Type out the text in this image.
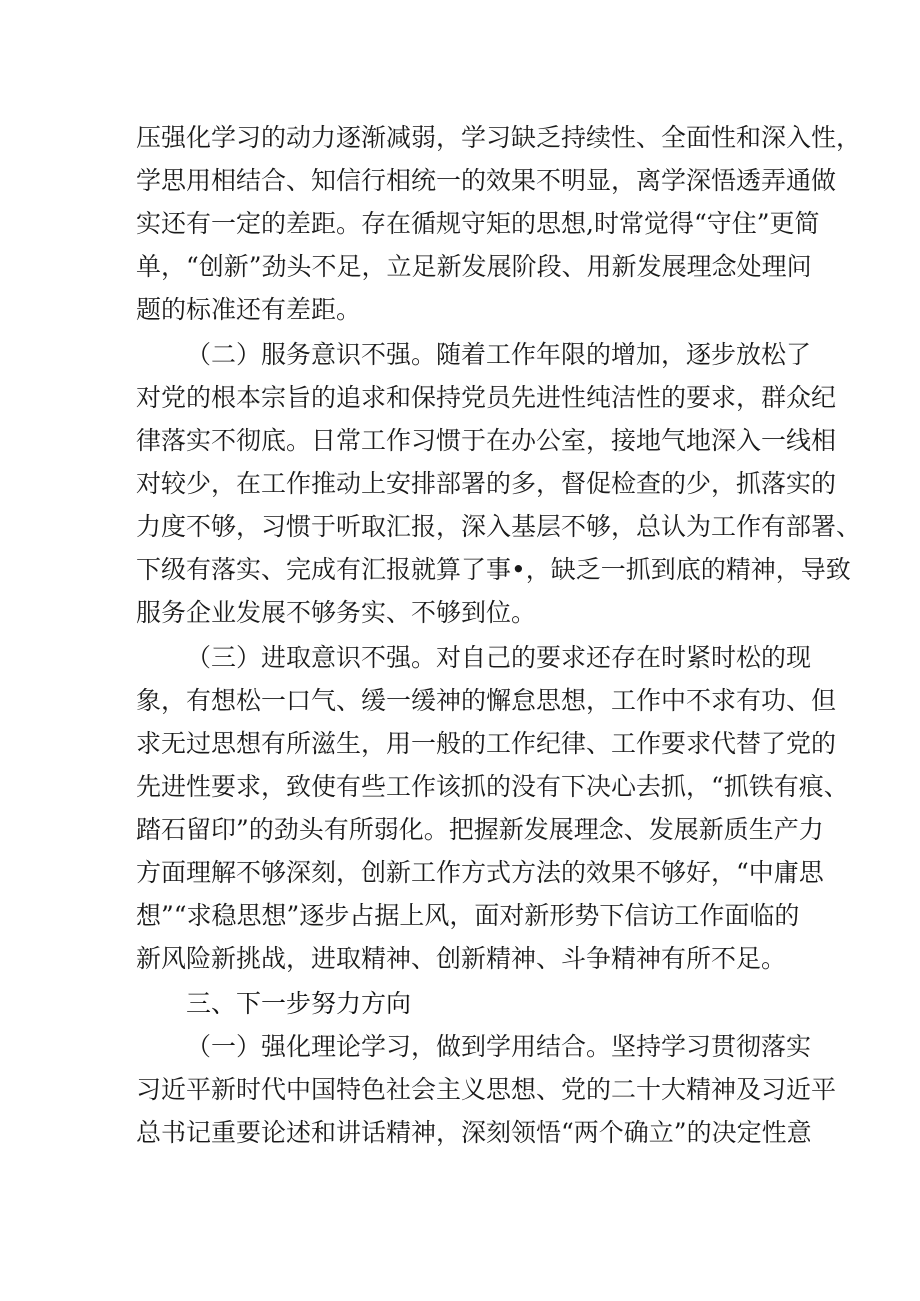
压强化学习的动力逐渐减弱，学习缺乏持续性、全面性和深入性，
学思用相结合、知信行相统一的效果不明显，离学深悟透弄通做
实还有一定的差距。存在循规守矩的思想,时常觉得“守住”更简
单，“创新”劲头不足，立足新发展阶段、用新发展理念处理问
题的标准还有差距。
（二）服务意识不强。随着工作年限的增加，逐步放松了
对党的根本宗旨的追求和保持党员先进性纯洁性的要求，群众纪
律落实不彻底。日常工作习惯于在办公室，接地气地深入一线相
对较少，在工作推动上安排部署的多，督促检查的少，抓落实的
力度不够，习惯于听取汇报，深入基层不够，总认为工作有部署、
下级有落实、完成有汇报就算了事•，缺乏一抓到底的精神，导致
服务企业发展不够务实、不够到位。
（三）进取意识不强。对自己的要求还存在时紧时松的现
象，有想松一口气、缓一缓神的懈怠思想，工作中不求有功、但
求无过思想有所滋生，用一般的工作纪律、工作要求代替了党的
先进性要求，致使有些工作该抓的没有下决心去抓，“抓铁有痕、
踏石留印”的劲头有所弱化。把握新发展理念、发展新质生产力
方面理解不够深刻，创新工作方式方法的效果不够好，“中庸思
想”“求稳思想”逐步占据上风，面对新形势下信访工作面临的
新风险新挑战，进取精神、创新精神、斗争精神有所不足。
三、下一步努力方向
（一）强化理论学习，做到学用结合。坚持学习贯彻落实
习近平新时代中国特色社会主义思想、党的二十大精神及习近平
总书记重要论述和讲话精神，深刻领悟“两个确立”的决定性意
